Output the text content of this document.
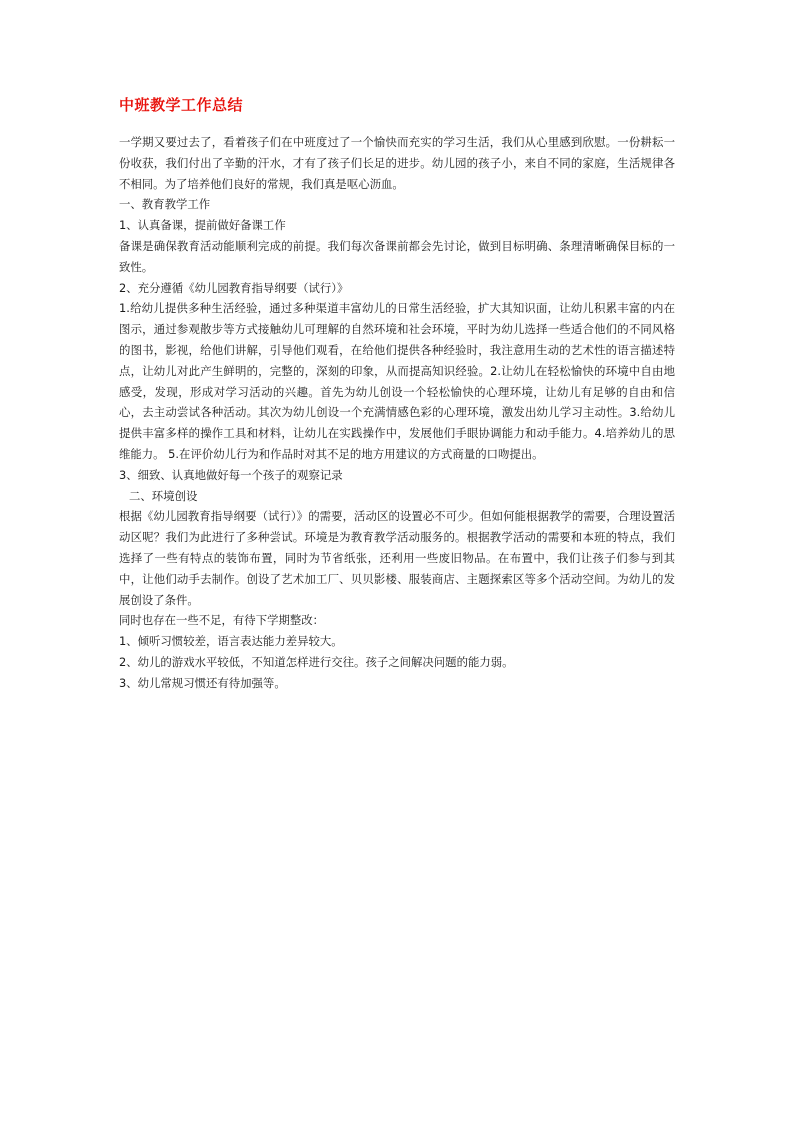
中班教学工作总结

一学期又要过去了，看着孩子们在中班度过了一个愉快而充实的学习生活，我们从心里感到欣慰。一份耕耘一份收获，我们付出了辛勤的汗水，才有了孩子们长足的进步。幼儿园的孩子小，来自不同的家庭，生活规律各不相同。为了培养他们良好的常规，我们真是呕心沥血。

一、教育教学工作

1、认真备课，提前做好备课工作

备课是确保教育活动能顺利完成的前提。我们每次备课前都会先讨论，做到目标明确、条理清晰确保目标的一致性。

2、充分遵循《幼儿园教育指导纲要（试行）》

1.给幼儿提供多种生活经验，通过多种渠道丰富幼儿的日常生活经验，扩大其知识面，让幼儿积累丰富的内在图示，通过参观散步等方式接触幼儿可理解的自然环境和社会环境，平时为幼儿选择一些适合他们的不同风格的图书，影视，给他们讲解，引导他们观看，在给他们提供各种经验时，我注意用生动的艺术性的语言描述特点，让幼儿对此产生鲜明的，完整的，深刻的印象，从而提高知识经验。2.让幼儿在轻松愉快的环境中自由地感受，发现，形成对学习活动的兴趣。首先为幼儿创设一个轻松愉快的心理环境，让幼儿有足够的自由和信心，去主动尝试各种活动。其次为幼儿创设一个充满情感色彩的心理环境，激发出幼儿学习主动性。3.给幼儿提供丰富多样的操作工具和材料，让幼儿在实践操作中，发展他们手眼协调能力和动手能力。4.培养幼儿的思维能力。 5.在评价幼儿行为和作品时对其不足的地方用建议的方式商量的口吻提出。

3、细致、认真地做好每一个孩子的观察记录

二、环境创设

根据《幼儿园教育指导纲要（试行）》的需要，活动区的设置必不可少。但如何能根据教学的需要，合理设置活动区呢？我们为此进行了多种尝试。环境是为教育教学活动服务的。根据教学活动的需要和本班的特点，我们选择了一些有特点的装饰布置，同时为节省纸张，还利用一些废旧物品。在布置中，我们让孩子们参与到其中，让他们动手去制作。创设了艺术加工厂、贝贝影楼、服装商店、主题探索区等多个活动空间。为幼儿的发展创设了条件。

同时也存在一些不足，有待下学期整改：

1、倾听习惯较差，语言表达能力差异较大。

2、幼儿的游戏水平较低，不知道怎样进行交往。孩子之间解决问题的能力弱。

3、幼儿常规习惯还有待加强等。
